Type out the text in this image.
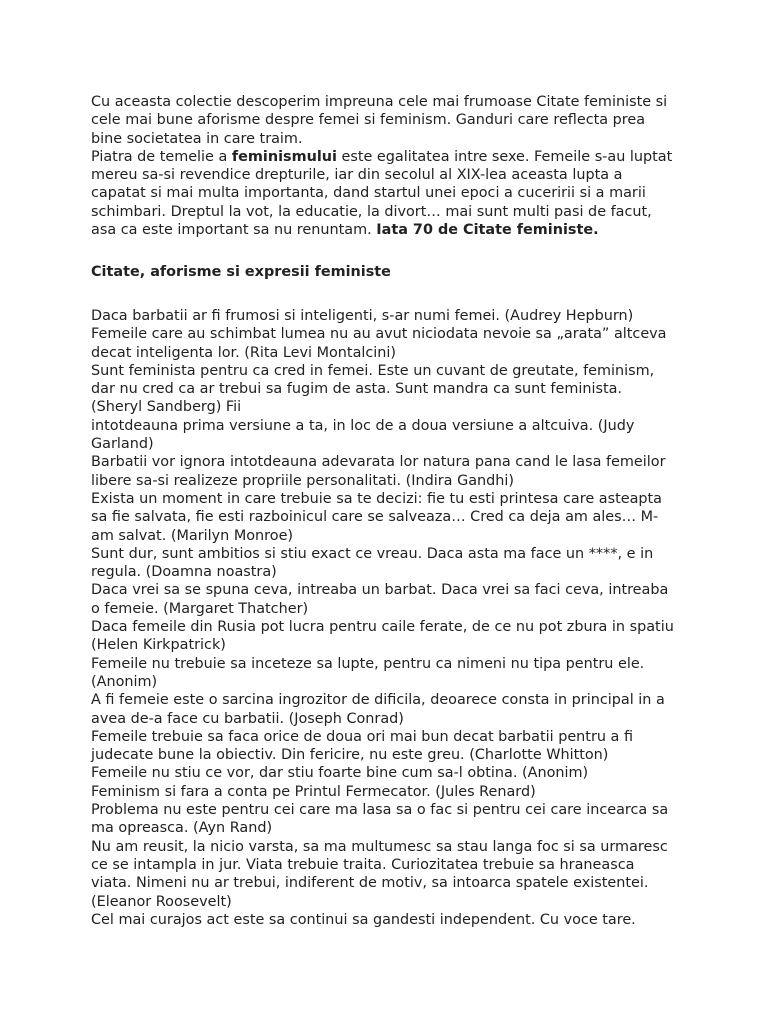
Cu aceasta colectie descoperim impreuna cele mai frumoase Citate feministe si
cele mai bune aforisme despre femei si feminism. Ganduri care reflecta prea
bine societatea in care traim.

Piatra de temelie a feminismului este egalitatea intre sexe. Femeile s-au luptat
mereu sa-si revendice drepturile, iar din secolul al XIX-lea aceasta lupta a
capatat si mai multa importanta, dand startul unei epoci a cuceririi si a marii
schimbari. Dreptul la vot, la educatie, la divort… mai sunt multi pasi de facut,
asa ca este important sa nu renuntam. Iata 70 de Citate feministe.

Citate, aforisme si expresii feministe

Daca barbatii ar fi frumosi si inteligenti, s-ar numi femei. (Audrey Hepburn)
Femeile care au schimbat lumea nu au avut niciodata nevoie sa „arata” altceva
decat inteligenta lor. (Rita Levi Montalcini)
Sunt feminista pentru ca cred in femei. Este un cuvant de greutate, feminism,
dar nu cred ca ar trebui sa fugim de asta. Sunt mandra ca sunt feminista.
(Sheryl Sandberg) Fii
intotdeauna prima versiune a ta, in loc de a doua versiune a altcuiva. (Judy
Garland)
Barbatii vor ignora intotdeauna adevarata lor natura pana cand le lasa femeilor
libere sa-si realizeze propriile personalitati. (Indira Gandhi)
Exista un moment in care trebuie sa te decizi: fie tu esti printesa care asteapta
sa fie salvata, fie esti razboinicul care se salveaza… Cred ca deja am ales… M-
am salvat. (Marilyn Monroe)
Sunt dur, sunt ambitios si stiu exact ce vreau. Daca asta ma face un ****, e in
regula. (Doamna noastra)
Daca vrei sa se spuna ceva, intreaba un barbat. Daca vrei sa faci ceva, intreaba
o femeie. (Margaret Thatcher)
Daca femeile din Rusia pot lucra pentru caile ferate, de ce nu pot zbura in spatiu
(Helen Kirkpatrick)
Femeile nu trebuie sa inceteze sa lupte, pentru ca nimeni nu tipa pentru ele.
(Anonim)
A fi femeie este o sarcina ingrozitor de dificila, deoarece consta in principal in a
avea de-a face cu barbatii. (Joseph Conrad)
Femeile trebuie sa faca orice de doua ori mai bun decat barbatii pentru a fi
judecate bune la obiectiv. Din fericire, nu este greu. (Charlotte Whitton)
Femeile nu stiu ce vor, dar stiu foarte bine cum sa-l obtina. (Anonim)
Feminism si fara a conta pe Printul Fermecator. (Jules Renard)
Problema nu este pentru cei care ma lasa sa o fac si pentru cei care incearca sa
ma opreasca. (Ayn Rand)
Nu am reusit, la nicio varsta, sa ma multumesc sa stau langa foc si sa urmaresc
ce se intampla in jur. Viata trebuie traita. Curiozitatea trebuie sa hraneasca
viata. Nimeni nu ar trebui, indiferent de motiv, sa intoarca spatele existentei.
(Eleanor Roosevelt)
Cel mai curajos act este sa continui sa gandesti independent. Cu voce tare.
